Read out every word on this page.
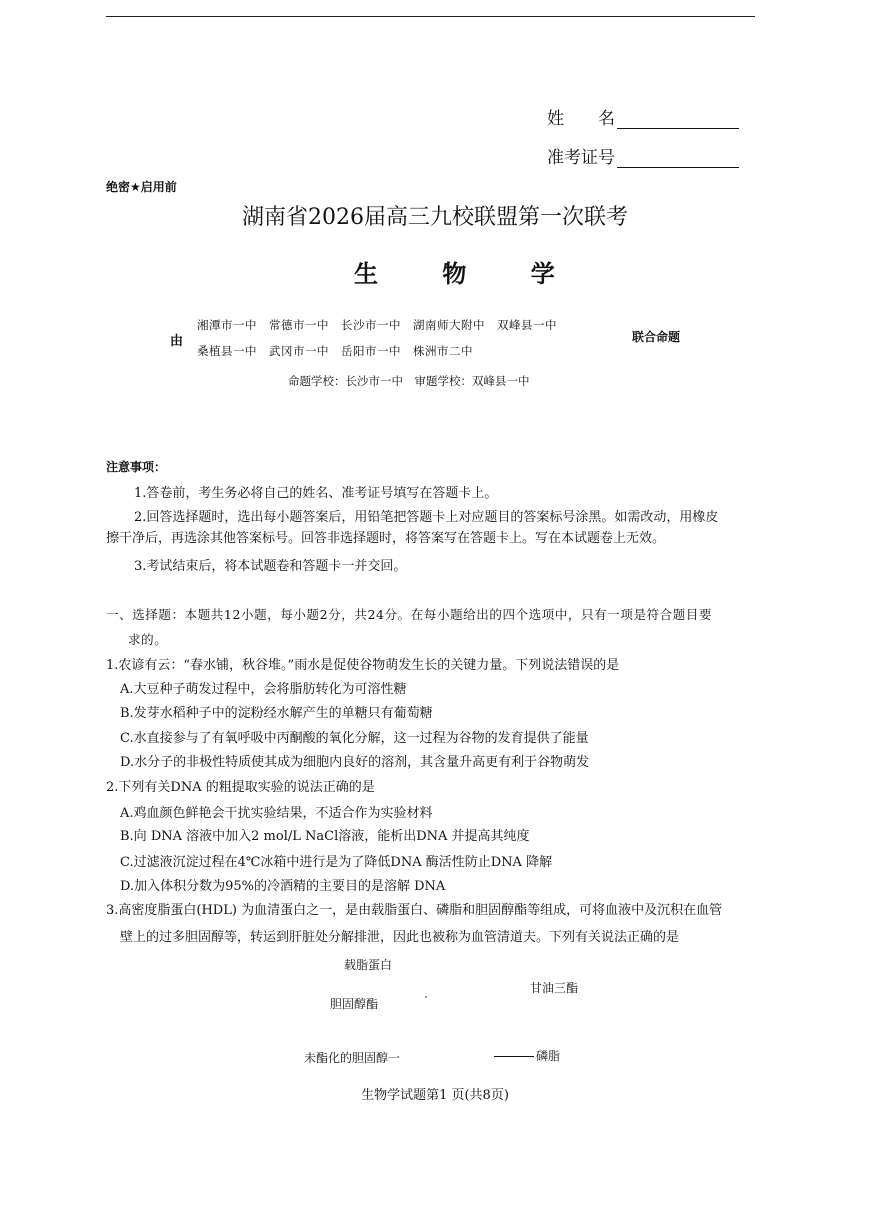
姓　　名
准考证号
绝密★启用前
湖南省2026届高三九校联盟第一次联考
生 物 学
由
湘潭市一中　常德市一中　长沙市一中　湖南师大附中　双峰县一中
桑植县一中　武冈市一中　岳阳市一中　株洲市二中
联合命题
命题学校：长沙市一中　审题学校：双峰县一中
注意事项：
1.答卷前，考生务必将自己的姓名、准考证号填写在答题卡上。
2.回答选择题时，选出每小题答案后，用铅笔把答题卡上对应题目的答案标号涂黑。如需改动，用橡皮
擦干净后，再选涂其他答案标号。回答非选择题时，将答案写在答题卡上。写在本试题卷上无效。
3.考试结束后，将本试题卷和答题卡一并交回。
一、选择题：本题共12小题，每小题2分，共24分。在每小题给出的四个选项中，只有一项是符合题目要
求的。
1.农谚有云：“春水铺，秋谷堆。”雨水是促使谷物萌发生长的关键力量。下列说法错误的是
A.大豆种子萌发过程中，会将脂肪转化为可溶性糖
B.发芽水稻种子中的淀粉经水解产生的单糖只有葡萄糖
C.水直接参与了有氧呼吸中丙酮酸的氧化分解，这一过程为谷物的发育提供了能量
D.水分子的非极性特质使其成为细胞内良好的溶剂，其含量升高更有利于谷物萌发
2.下列有关DNA 的粗提取实验的说法正确的是
A.鸡血颜色鲜艳会干扰实验结果，不适合作为实验材料
B.向 DNA 溶液中加入2 mol/L NaCl溶液，能析出DNA 并提高其纯度
C.过滤液沉淀过程在4℃冰箱中进行是为了降低DNA 酶活性防止DNA 降解
D.加入体积分数为95%的冷酒精的主要目的是溶解 DNA
3.高密度脂蛋白(HDL) 为血清蛋白之一，是由载脂蛋白、磷脂和胆固醇酯等组成，可将血液中及沉积在血管
壁上的过多胆固醇等，转运到肝脏处分解排泄，因此也被称为血管清道夫。下列有关说法正确的是
载脂蛋白
甘油三酯
胆固醇酯
未酯化的胆固醇一	磷脂
生物学试题第1 页(共8页)
